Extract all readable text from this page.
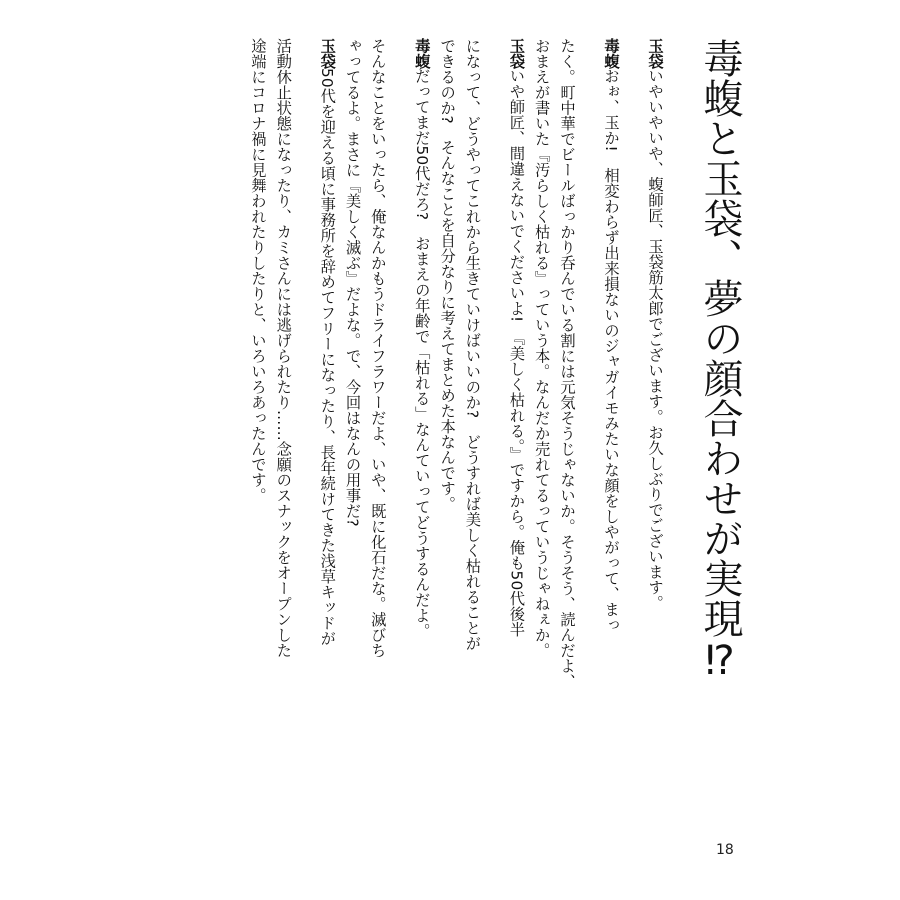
毒蝮と玉袋、夢の顔合わせが実現⁉︎
玉袋いやいやいや、蝮師匠、玉袋筋太郎でございます。お久しぶりでございます。
毒蝮おぉ、玉か!　相変わらず出来損ないのジャガイモみたいな顔をしやがって、まっ
たく。町中華でビールばっかり呑んでいる割には元気そうじゃないか。そうそう、読んだよ、
おまえが書いた『汚らしく枯れる』っていう本。なんだか売れてるっていうじゃねぇか。
玉袋いや師匠、間違えないでくださいよ!　『美しく枯れる。』ですから。俺も50代後半
になって、どうやってこれから生きていけばいいのか?　どうすれば美しく枯れることが
できるのか?　そんなことを自分なりに考えてまとめた本なんです。
毒蝮だってまだ50代だろ?　おまえの年齢で「枯れる」なんていってどうするんだよ。
そんなことをいったら、俺なんかもうドライフラワーだよ、いや、既に化石だな。滅びち
ゃってるよ。まさに『美しく滅ぶ』だよな。で、今回はなんの用事だ?
玉袋50代を迎える頃に事務所を辞めてフリーになったり、長年続けてきた浅草キッドが
活動休止状態になったり、カミさんには逃げられたり……念願のスナックをオープンした
途端にコロナ禍に見舞われたりしたりと、いろいろあったんです。
18
